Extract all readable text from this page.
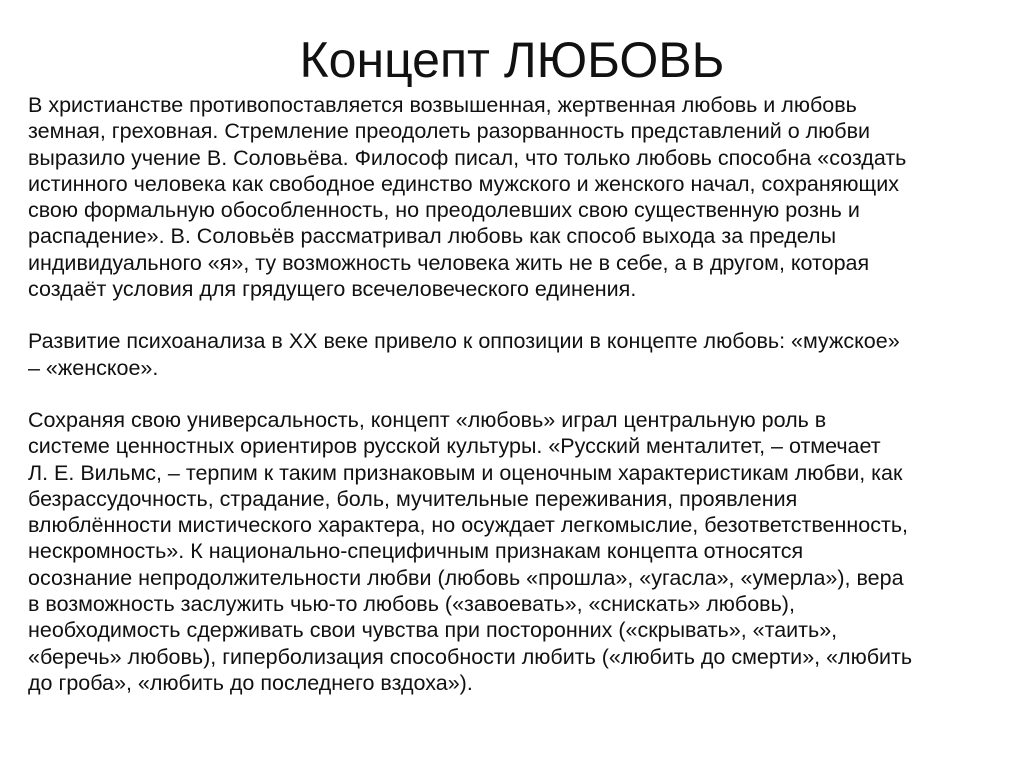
Концепт ЛЮБОВЬ

В христианстве противопоставляется возвышенная, жертвенная любовь и любовь
земная, греховная. Стремление преодолеть разорванность представлений о любви
выразило учение В. Соловьёва. Философ писал, что только любовь способна «создать
истинного человека как свободное единство мужского и женского начал, сохраняющих
свою формальную обособленность, но преодолевших свою существенную рознь и
распадение». В. Соловьёв рассматривал любовь как способ выхода за пределы
индивидуального «я», ту возможность человека жить не в себе, а в другом, которая
создаёт условия для грядущего всечеловеческого единения.

Развитие психоанализа в XX веке привело к оппозиции в концепте любовь: «мужское»
– «женское».

Сохраняя свою универсальность, концепт «любовь» играл центральную роль в
системе ценностных ориентиров русской культуры. «Русский менталитет, – отмечает
Л. Е. Вильмс, – терпим к таким признаковым и оценочным характеристикам любви, как
безрассудочность, страдание, боль, мучительные переживания, проявления
влюблённости мистического характера, но осуждает легкомыслие, безответственность,
нескромность». К национально-специфичным признакам концепта относятся
осознание непродолжительности любви (любовь «прошла», «угасла», «умерла»), вера
в возможность заслужить чью-то любовь («завоевать», «снискать» любовь),
необходимость сдерживать свои чувства при посторонних («скрывать», «таить»,
«беречь» любовь), гиперболизация способности любить («любить до смерти», «любить
до гроба», «любить до последнего вздоха»).
